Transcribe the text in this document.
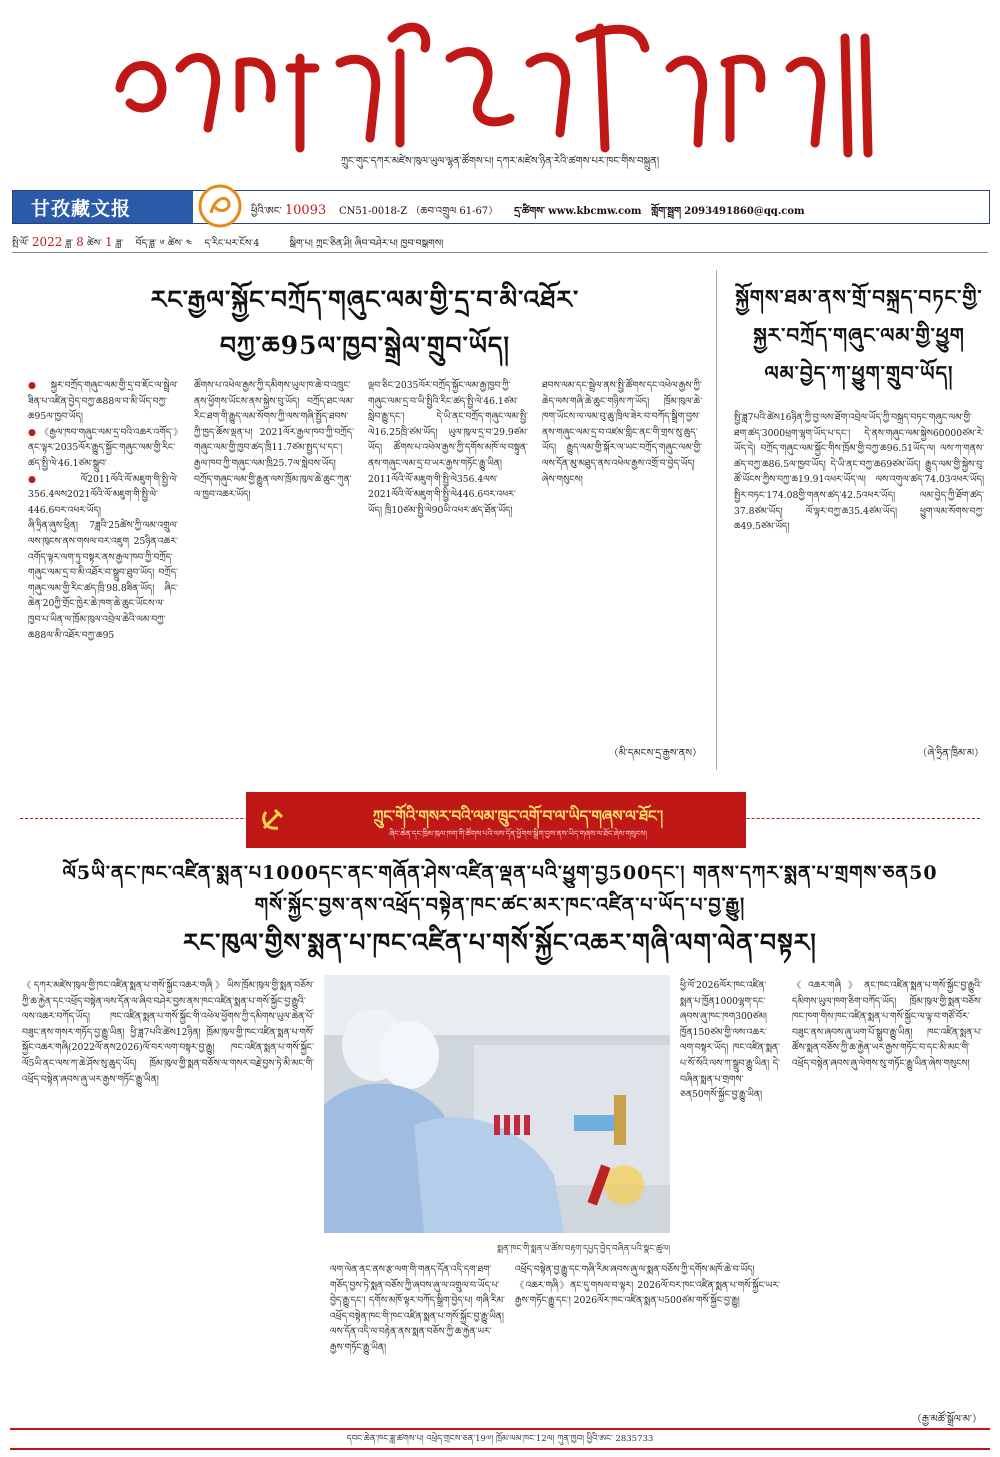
ཀྲུང་གུང་དཀར་མཛེས་ཁུལ་ཡུལ་ལྷན་ཚོགས་པ། དཀར་མཛེས་ཉིན་རེའི་ཚགས་པར་ཁང་གིས་བསྐྲུན།
甘孜藏文报	ཕྱིའི་ཨང་ 10093 CN51-0018-Z （ཆབ་འགྲུལ 61-67） དྲ་ཚིགས་ www.kbcmw.com གློག་སྦྲག 2093491860@qq.com
སྤྱི་ལོ་ 2022 ཟླ་ 8 ཚེས་ 1 ཟླ་ བོད་ཟླ་ ༦ ཚེས་ ༤ ད་རིང་པར་ངོས་4	སྒྲིག་པ། ཀྲུང་ཅིན་ཤི། ཞིབ་བཤེར་པ། ཁྱབ་བསྒྲགས།
རང་རྒྱལ་སྐྱོང་བཀྲོད་གཞུང་ལམ་གྱི་དྲ་བ་མི་འཐོར་
བཀྱ་ཆ95ལ་ཁྱབ་སྒྲེལ་གྲུབ་ཡོད།
● སྐྱར་བཀྲོད་གཞུང་ལམ་གྱི་དྲ་བ་ཇོང་ལ་སྦྲེལ་ཟིན་པ་འཛིན་བྱེད་བཀྱ་ཆ88ལ་བ་མི་ཡོད་བཀྱ་ཆ95ལ་ཁྱབ་ཡོད།
● 《རྒྱལ་ཁབ་གཞུང་ལམ་དྲ་བའི་འཆར་འགོད་》ནང་ལྟར་2035ལོར་རྒྱུད་སྐྱོང་གཞུང་ལམ་གྱི་རིང་ཚད་སྤྱི་ལེ་46.1ཙམ་སྒྲུབ་
● ལོ2011ལོའི་ལོ་མཇུག་གི་སྤྱི་ལེ་356.4ལས2021ལོའི་ལོ་མཇུག་གི་སྤྱི་ལེ་446.6བར་འཕར་ཡོད།
ཞི་ཧྲིན་ཞུས་ཕྲིན། 7ཟླའི་25ཚེས་ཀྱི་ལམ་འགྲུལ་ལས་ཁུངས་ནས་གསལ་བར་འཇུག 25ཉིན་འཆར་འགོད་ལྟར་ལག་ཏུ་བསྟར་ནས་རྒྱལ་ཁབ་ཀྱི་བཀྲོད་གཞུང་ལམ་དྲ་བ་མི་འཐོར་བ་སྒྲུབ་ཐུབ་ཡོད། བཀྲོད་གཞུང་ལམ་གྱི་རིང་ཚད་ཁྲི་98.8ཟིན་ཡོད། ཞིང་ཆེན་20ཀྱི་གྲོང་ཁྱེར་ཆེ་ཁག་ཆེ་ཆུང་ཡོངས་ལ་ཁྱབ་པ་ཡིན་ལ་ཁྲོམ་ཁུལ་འབྲེལ་ཆེའི་ལམ་བཀྱ་ཆ88ལ་མི་འཐོར་བཀྱ་ཆ95
ཚོགས་པ་འཕེལ་རྒྱས་ཀྱི་དམིགས་ཡུལ་ཁ་ཆེ་བ་འཁྲུང་ནས་ཕྱོགས་ཡོངས་ནས་སྐྱེས་བུ་ཡོད། བཀྲོད་ཐང་ལམ་རིང་ཐག་གི་རྒྱུད་ལམ་སོགས་ཀྱི་ལས་གཞི་སྤྱོད་ཐབས་ཀྱི་ཁྱད་ཆོས་ལྡན་པ། 2021ལོར་རྒྱལ་ཁབ་ཀྱི་བཀྲོད་གཞུང་ལམ་གྱི་ཁྱབ་ཚད་ཁྲི11.7ཙམ་སྤྱད་པ་དང་། རྒྱལ་ཁབ་ཀྱི་གཞུང་ལམ་ཁྲི25.7ལ་སླེབས་ཡོད། བཀྲོད་གཞུང་ལམ་གྱི་རྒྱུན་ལས་ཁྲོམ་ཁུལ་ཆེ་ཆུང་ཀུན་ལ་ཁྱབ་འཆར་ཡོད།
ལྡབ་ཅིང་2035ལོར་བཀྲོད་སྐྱོང་ལམ་རྒྱ་ཁྱབ་ཀྱི་གཞུང་ལམ་དྲ་བ་ཡི་སྤྱིའི་རིང་ཚད་སྤྱི་ལེ་46.1ཙམ་སླེབ་རྒྱུ་དང་། དེ་ཡི་ནང་བཀྲོད་གཞུང་ལམ་སྤྱི་ལེ16.25ཁྲི་ཙམ་ཡོད། ཡུལ་ཁུལ་དྲ་བ་29.9ཙམ་ཡོད། ཚོགས་པ་འཕེལ་རྒྱས་ཀྱི་དགོས་མཁོ་ལ་བསྟུན་ནས་གཞུང་ལམ་དྲ་བ་ཡར་རྒྱས་གཏོང་རྒྱུ་ཡིན། 2011ལོའི་ལོ་མཇུག་གི་སྤྱི་ལེ356.4ལས་2021ལོའི་ལོ་མཇུག་གི་སྤྱི་ལེ446.6བར་འཕར་ཡོད། ཁྲི10ཙམ་སྤྱི་ལེ90ཡི་འཕར་ཚད་ཐོན་ཡོད།
ཐབས་ལམ་དང་སྦྲེལ་ནས་སྤྱི་ཚོགས་དང་འཕེལ་རྒྱས་ཀྱི་ཆེད་ལས་གཞི་ཆེ་ཆུང་གཉིས་ཀ་ཡོད། ཁྲོམ་ཁུལ་ཆེ་ཁག་ཡོངས་ལ་ལམ་བུ་ཆུ་ཁྲིལ་ཟེར་བ་བཀོད་སྒྲིག་བྱས་ནས་གཞུང་ལམ་དྲ་བ་འཛམ་གླིང་ནང་གི་གྲས་སུ་ཆུད་ཡོད། རྒྱུད་ལམ་གྱི་སྐོར་ལ་ཡང་བཀྲོད་གཞུང་ལམ་གྱི་ལས་དོན་མུ་མཐུད་ནས་འཕེལ་རྒྱས་འགྲོ་བ་བྱེད་ཡོད། ཞེས་གསུངས།
（མི་དམངས་དྲ་རྒྱས་ནས）
སྐྱོགས་ཐམ་ནས་གྲོ་བསྐྲད་བཏང་གྱི་
སྐྱར་བཀྲོད་གཞུང་ལམ་གྱི་ཕྱུག
ལམ་བྱེད་ཀ་ཕྱུག་གྲུབ་ཡོད།
སྤྱི་ཟླ7པའི་ཚེས16ཉིན་ཀྱི་བྱ་ལས་ཐོག་འབྲེལ་ཡོད་ཀྱི་བསྐྲད་བཏང་གཞུང་ལམ་གྱི་ཐག་ཚད་3000ཕྲག་ལྷག་ཡོད་པ་དང་། དེ་ནས་གཞུང་ལམ་སྐྱེས60000ཙམ་རེ་ཡོད་དེ། བཀྲོད་གཞུང་ལམ་སྐྱོང་གིས་ཁྲོམ་གྱི་བཀྱ་ཆ96.51ཡོད་ལ། ལས་ཀ་གནས་ཚད་བཀྱ་ཆ86.5ལ་ཁྱབ་ཡོད། དེ་ཡི་ནང་བཀྱ་ཆ69ཙམ་ཡོད། རྒྱུད་ལམ་གྱི་སྐྱེས་བུ་ཚོ་ཡོངས་ཀྱིས་བཀྱ་ཆ19.91འཕར་ཡོད་ལ། ལས་འགུལ་ཚད་74.03འཕར་ཡོད། སྤྱིར་བཏང་174.08གྱི་གནས་ཚད་42.5འཕར་ཡོད། ལམ་བྱེད་ཀྱི་ཐོག་ཚད་37.8ཙམ་ཡོད། ལོ་ལྟར་བཀྱ་ཆ35.4ཙམ་ཡོད། ཕྱུག་ལམ་སོགས་བཀྱ་ཆ49.5ཙམ་ཡོད།
（ཞེ་ཧྲིན་ཁྲིམ་མ）
ཀྲུང་གོའི་གསར་བའི་ལམ་ཁྲུང་འགོ་བ་ལ་ཡིད་གཞས་ལ་ཐོང་།
ཞིང་ཆེན་དང་ཁྲིམ་ཁུལ་ཁག་གི་ཚོགས་པའི་ལས་དོན་ཕྱོགས་སྒྲིག་བྱས་ནས་ཡིད་གཞས་ལ་ཐོང་ཞེས་གསུངས།
ལོ5ཡི་ནང་ཁང་འཛིན་སྨན་པ1000དང་ནང་གཞོན་ཤེས་འཛིན་ལྡན་པའི་ཕྱུག་བྱ500དང་། གནས་དཀར་སྨན་པ་གྲགས་ཅན50
གསོ་སྐྱོང་བྱས་ནས་འཕྲོད་བསྟེན་ཁང་ཚང་མར་ཁང་འཛིན་པ་ཡོད་པ་བྱ་རྒྱུ།
རང་ཁུལ་གྱིས་སྨན་པ་ཁང་འཛིན་པ་གསོ་སྐྱོང་འཆར་གཞི་ལག་ལེན་བསྟར།
《དཀར་མཛེས་ཁུལ་གྱི་ཁང་འཛིན་སྨན་པ་གསོ་སྐྱོང་འཆར་གཞི》ཡིས་ཁྲོམ་ཁུལ་གྱི་སྨན་བཅོས་ཀྱི་ཆ་རྐྱེན་དང་འཕྲོད་བསྟེན་ལས་དོན་ལ་ཞིབ་བཤེར་བྱས་ནས་ཁང་འཛིན་སྨན་པ་གསོ་སྐྱོང་བྱ་རྒྱུའི་ལས་འཆར་བཀོད་ཡོད། ཁང་འཛིན་སྨན་པ་གསོ་སྐྱོང་གི་འཕེལ་ཕྱོགས་ཀྱི་དམིགས་ཡུལ་ཆེན་པོ་བཟུང་ནས་གསར་གཏོད་བྱ་རྒྱུ་ཡིན། ཕྱི་ཟླ7པའི་ཚེས12ཉིན། ཁྲོམ་ཁུལ་གྱི་ཁང་འཛིན་སྨན་པ་གསོ་སྐྱོང་འཆར་གཞི(2022ལོ་ནས2026)ལོ་བར་ལག་བསྟར་བྱ་རྒྱུ། ཁང་འཛིན་སྨན་པ་གསོ་སྐྱོང་ལོ5ཡི་ནང་ལས་ཀ་ཆེ་ཤོས་སུ་ཆུད་ཡོད། ཁྲོམ་ཁུལ་གྱི་སྨན་བཅོས་ལ་གསར་བརྗེ་བྱས་ཏེ་མི་མང་གི་འཕྲོད་བསྟེན་ཞབས་ཞུ་ཡར་རྒྱས་གཏོང་རྒྱུ་ཡིན།
སྨན་ཁང་གི་སྨན་པ་ཚོས་བརྟག་དཔྱད་བྱེད་བཞིན་པའི་སྣང་ཚུལ།
ལག་ལེན་ནང་ནས་རྩ་ལག་གི་གནད་དོན་འདི་དག་ཐག་གཅོད་བྱས་ཏེ་སྨན་བཅོས་ཀྱི་ཞབས་ཞུ་ལ་འགྲུལ་བ་ཡོད་པ་བྱེད་རྒྱུ་དང་། དགོས་མཁོ་ལྟར་བཀོད་སྒྲིག་བྱེད་པ། གཞི་རིམ་འཕྲོད་བསྟེན་ཁང་གི་ཁང་འཛིན་སྨན་པ་གསོ་སྐྱོང་བྱ་རྒྱུ་ཡིན། ལས་དོན་འདི་ལ་བརྟེན་ནས་སྨན་བཅོས་ཀྱི་ཆ་རྐྱེན་ཡར་རྒྱས་གཏོང་རྒྱུ་ཡིན།
ཕྱི་ལོ་2026ལོར་ཁང་འཛིན་སྨན་པ་ཁྱོན1000ལྷག་དང་ཞབས་ཞུ་ཁང་ཁག300ཙམ། ཁྱོན150ཙམ་གྱི་ལས་འཆར་ལག་བསྟར་ཡོད། ཁང་འཛིན་སྨན་པ་སོ་སོའི་ལས་ཀ་སྒྲུབ་རྒྱུ་ཡིན། དེ་བཞིན་སྨན་པ་གྲགས་ཅན50གསོ་སྐྱོང་བྱ་རྒྱུ་ཡིན།
འཕྲོད་བསྟེན་བྱ་རྒྱུ་དང་གཞི་རིམ་ཞབས་ཞུ་ལ་སྨན་བཅོས་ཀྱི་དགོས་མཁོ་ཆེ་བ་ཡོད། 《འཆར་གཞི》ནང་དུ་གསལ་བ་ལྟར། 2026ལོ་བར་ཁང་འཛིན་སྨན་པ་གསོ་སྐྱོང་ཡར་རྒྱས་གཏོང་རྒྱུ་དང་། 2026ལོར་ཁང་འཛིན་སྨན་པ500ཙམ་གསོ་སྐྱོང་བྱ་རྒྱུ།
《འཆར་གཞི》ནང་ཁང་འཛིན་སྨན་པ་གསོ་སྐྱོང་བྱ་རྒྱུའི་དམིགས་ཡུལ་ཁག་ཅིག་བཀོད་ཡོད། ཁྲོམ་ཁུལ་གྱི་སྨན་བཅོས་ཁང་ཁག་གིས་ཁང་འཛིན་སྨན་པ་གསོ་སྐྱོང་ལ་ལྟ་བ་གཙོ་བོར་བཟུང་ནས་ཞབས་ཞུ་ཡག་པོ་སྒྲུབ་རྒྱུ་ཡིན། ཁང་འཛིན་སྨན་པ་ཚོས་སྨན་བཅོས་ཀྱི་ཆ་རྐྱེན་ཡར་རྒྱས་གཏོང་བ་དང་མི་མང་གི་འཕྲོད་བསྟེན་ཞབས་ཞུ་ལེགས་སུ་གཏོང་རྒྱུ་ཡིན་ཞེས་གསུངས།
（རྒྱ་མཚོ་སྒྲོལ་མ་）
དབང་ཆེན་ཁང་ཟླ་ཚགས་པ། འཕྲེད་གྲངས་ཅན་19༧། ཁྲོམ་ལམ་ཁང་12ལ། ཀུན་ཁྱབ། ཕྱིའི་ཨང་ 2835733
